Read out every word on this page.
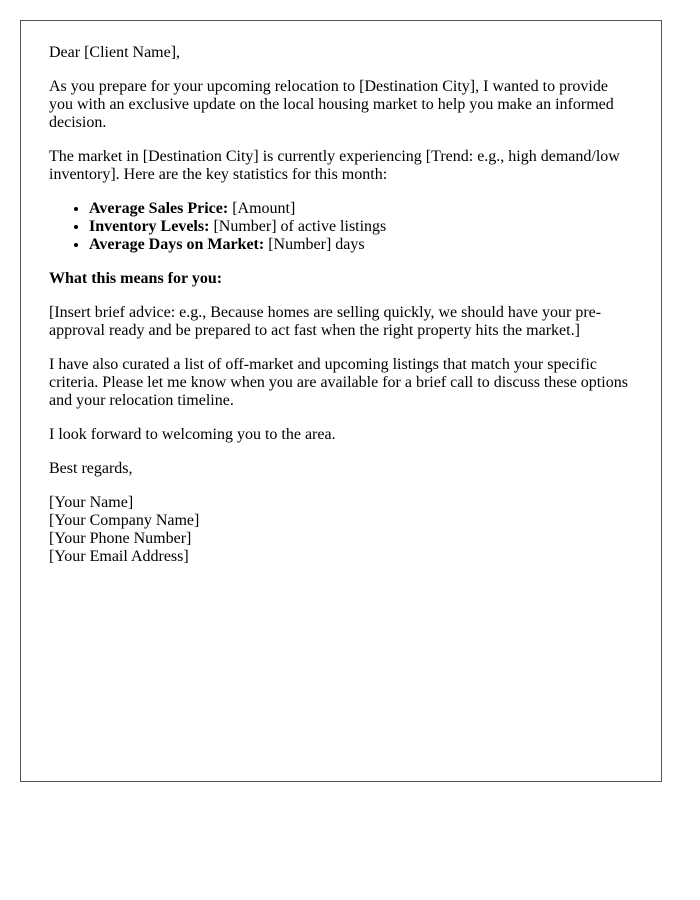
Dear [Client Name],

As you prepare for your upcoming relocation to [Destination City], I wanted to provide you with an exclusive update on the local housing market to help you make an informed decision.

The market in [Destination City] is currently experiencing [Trend: e.g., high demand/low inventory]. Here are the key statistics for this month:

• Average Sales Price: [Amount]
• Inventory Levels: [Number] of active listings
• Average Days on Market: [Number] days

What this means for you:

[Insert brief advice: e.g., Because homes are selling quickly, we should have your pre-approval ready and be prepared to act fast when the right property hits the market.]

I have also curated a list of off-market and upcoming listings that match your specific criteria. Please let me know when you are available for a brief call to discuss these options and your relocation timeline.

I look forward to welcoming you to the area.

Best regards,

[Your Name]
[Your Company Name]
[Your Phone Number]
[Your Email Address]
